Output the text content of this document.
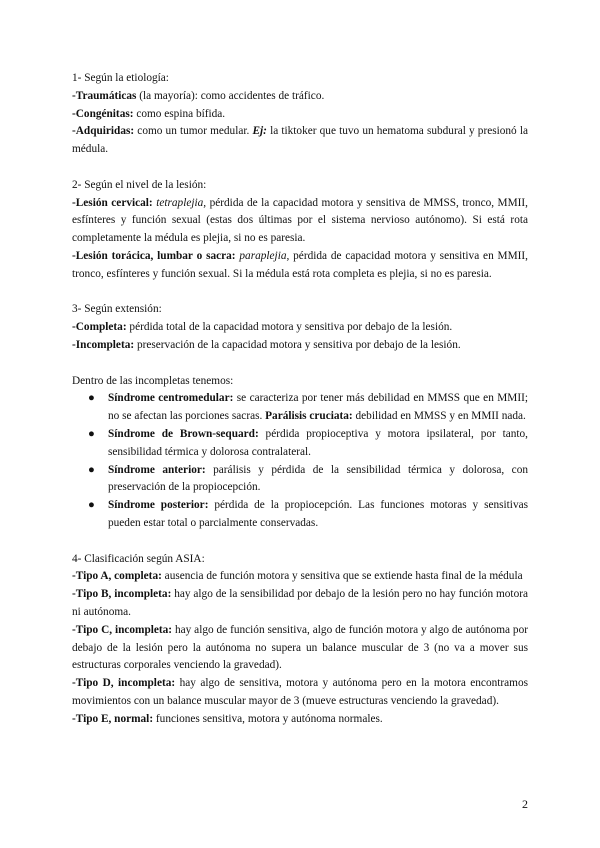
1- Según la etiología:

-Traumáticas (la mayoría): como accidentes de tráfico.

-Congénitas: como espina bífida.

-Adquiridas: como un tumor medular. Ej: la tiktoker que tuvo un hematoma subdural y presionó la médula.

2- Según el nivel de la lesión:

-Lesión cervical: tetraplejia, pérdida de la capacidad motora y sensitiva de MMSS, tronco, MMII, esfínteres y función sexual (estas dos últimas por el sistema nervioso autónomo). Si está rota completamente la médula es plejia, si no es paresia.

-Lesión torácica, lumbar o sacra: paraplejia, pérdida de capacidad motora y sensitiva en MMII, tronco, esfínteres y función sexual. Si la médula está rota completa es plejia, si no es paresia.

3- Según extensión:

-Completa: pérdida total de la capacidad motora y sensitiva por debajo de la lesión.

-Incompleta: preservación de la capacidad motora y sensitiva por debajo de la lesión.

Dentro de las incompletas tenemos:

● Síndrome centromedular: se caracteriza por tener más debilidad en MMSS que en MMII; no se afectan las porciones sacras. Parálisis cruciata: debilidad en MMSS y en MMII nada.
● Síndrome de Brown-sequard: pérdida propioceptiva y motora ipsilateral, por tanto, sensibilidad térmica y dolorosa contralateral.
● Síndrome anterior: parálisis y pérdida de la sensibilidad térmica y dolorosa, con preservación de la propiocepción.
● Síndrome posterior: pérdida de la propiocepción. Las funciones motoras y sensitivas pueden estar total o parcialmente conservadas.

4- Clasificación según ASIA:

-Tipo A, completa: ausencia de función motora y sensitiva que se extiende hasta final de la médula

-Tipo B, incompleta: hay algo de la sensibilidad por debajo de la lesión pero no hay función motora ni autónoma.

-Tipo C, incompleta: hay algo de función sensitiva, algo de función motora y algo de autónoma por debajo de la lesión pero la autónoma no supera un balance muscular de 3 (no va a mover sus estructuras corporales venciendo la gravedad).

-Tipo D, incompleta: hay algo de sensitiva, motora y autónoma pero en la motora encontramos movimientos con un balance muscular mayor de 3 (mueve estructuras venciendo la gravedad).

-Tipo E, normal: funciones sensitiva, motora y autónoma normales.

2
